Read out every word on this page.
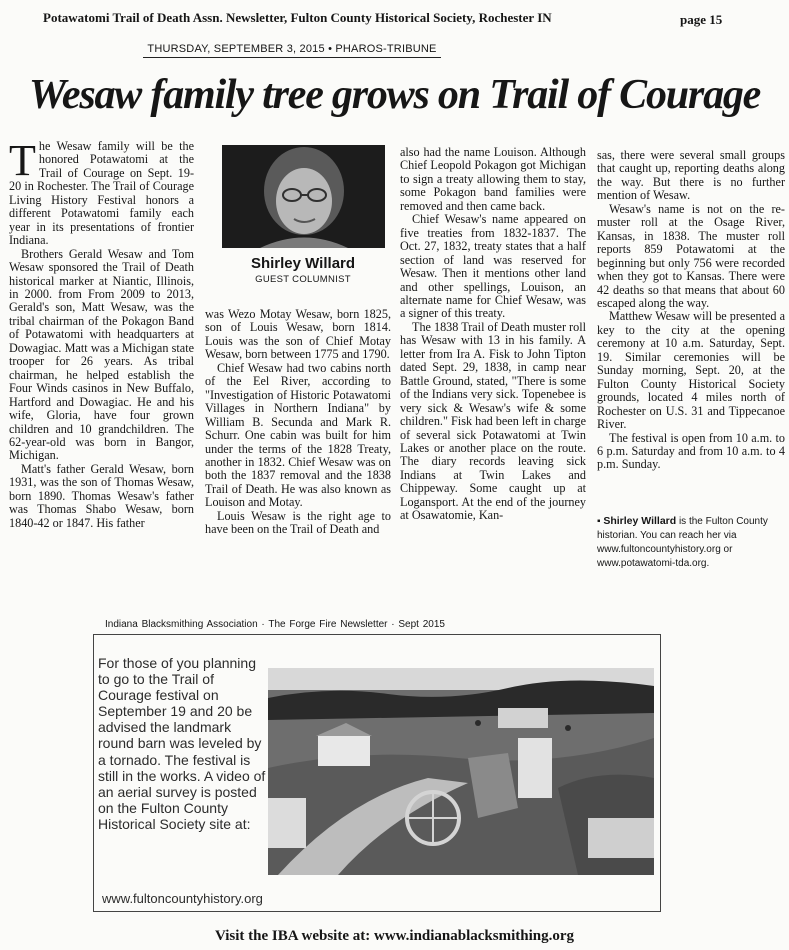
Potawatomi Trail of Death Assn. Newsletter, Fulton County Historical Society, Rochester IN	page 15
THURSDAY, SEPTEMBER 3, 2015 • PHAROS-TRIBUNE
Wesaw family tree grows on Trail of Courage

The Wesaw family will be the honored Potawatomi at the Trail of Courage on Sept. 19-20 in Rochester. The Trail of Courage Living History Festival honors a different Potawatomi family each year in its presentations of frontier Indiana.

Brothers Gerald Wesaw and Tom Wesaw sponsored the Trail of Death historical marker at Niantic, Illinois, in 2000. from From 2009 to 2013, Gerald's son, Matt Wesaw, was the tribal chairman of the Pokagon Band of Potawatomi with headquarters at Dowagiac. Matt was a Michigan state trooper for 26 years. As tribal chairman, he helped establish the Four Winds casinos in New Buffalo, Hartford and Dowagiac. He and his wife, Gloria, have four grown children and 10 grandchildren. The 62-year-old was born in Bangor, Michigan.

Matt's father Gerald Wesaw, born 1931, was the son of Thomas Wesaw, born 1890. Thomas Wesaw's father was Thomas Shabo Wesaw, born 1840-42 or 1847. His father

Shirley Willard
GUEST COLUMNIST

was Wezo Motay Wesaw, born 1825, son of Louis Wesaw, born 1814. Louis was the son of Chief Motay Wesaw, born between 1775 and 1790.

Chief Wesaw had two cabins north of the Eel River, according to "Investigation of Historic Potawatomi Villages in Northern Indiana" by William B. Secunda and Mark R. Schurr. One cabin was built for him under the terms of the 1828 Treaty, another in 1832. Chief Wesaw was on both the 1837 removal and the 1838 Trail of Death. He was also known as Louison and Motay.

Louis Wesaw is the right age to have been on the Trail of Death and

also had the name Louison. Although Chief Leopold Pokagon got Michigan to sign a treaty allowing them to stay, some Pokagon band families were removed and then came back.

Chief Wesaw's name appeared on five treaties from 1832-1837. The Oct. 27, 1832, treaty states that a half section of land was reserved for Wesaw. Then it mentions other land and other spellings, Louison, an alternate name for Chief Wesaw, was a signer of this treaty.

The 1838 Trail of Death muster roll has Wesaw with 13 in his family. A letter from Ira A. Fisk to John Tipton dated Sept. 29, 1838, in camp near Battle Ground, stated, "There is some of the Indians very sick. Topenebee is very sick & Wesaw's wife & some children." Fisk had been left in charge of several sick Potawatomi at Twin Lakes or another place on the route. The diary records leaving sick Indians at Twin Lakes and Chippeway. Some caught up at Logansport. At the end of the journey at Osawatomie, Kan-

sas, there were several small groups that caught up, reporting deaths along the way. But there is no further mention of Wesaw.

Wesaw's name is not on the re-muster roll at the Osage River, Kansas, in 1838. The muster roll reports 859 Potawatomi at the beginning but only 756 were recorded when they got to Kansas. There were 42 deaths so that means that about 60 escaped along the way.

Matthew Wesaw will be presented a key to the city at the opening ceremony at 10 a.m. Saturday, Sept. 19. Similar ceremonies will be Sunday morning, Sept. 20, at the Fulton County Historical Society grounds, located 4 miles north of Rochester on U.S. 31 and Tippecanoe River.

The festival is open from 10 a.m. to 6 p.m. Saturday and from 10 a.m. to 4 p.m. Sunday.

▪ Shirley Willard is the Fulton County historian. You can reach her via www.fultoncountyhistory.org or www.potawatomi-tda.org.
Indiana Blacksmithing Association · The Forge Fire Newsletter · Sept 2015
For those of you planning to go to the Trail of Courage festival on September 19 and 20 be advised the landmark round barn was leveled by a tornado. The festival is still in the works. A video of an aerial survey is posted on the Fulton County Historical Society site at:
www.fultoncountyhistory.org
Visit the IBA website at: www.indianablacksmithing.org
